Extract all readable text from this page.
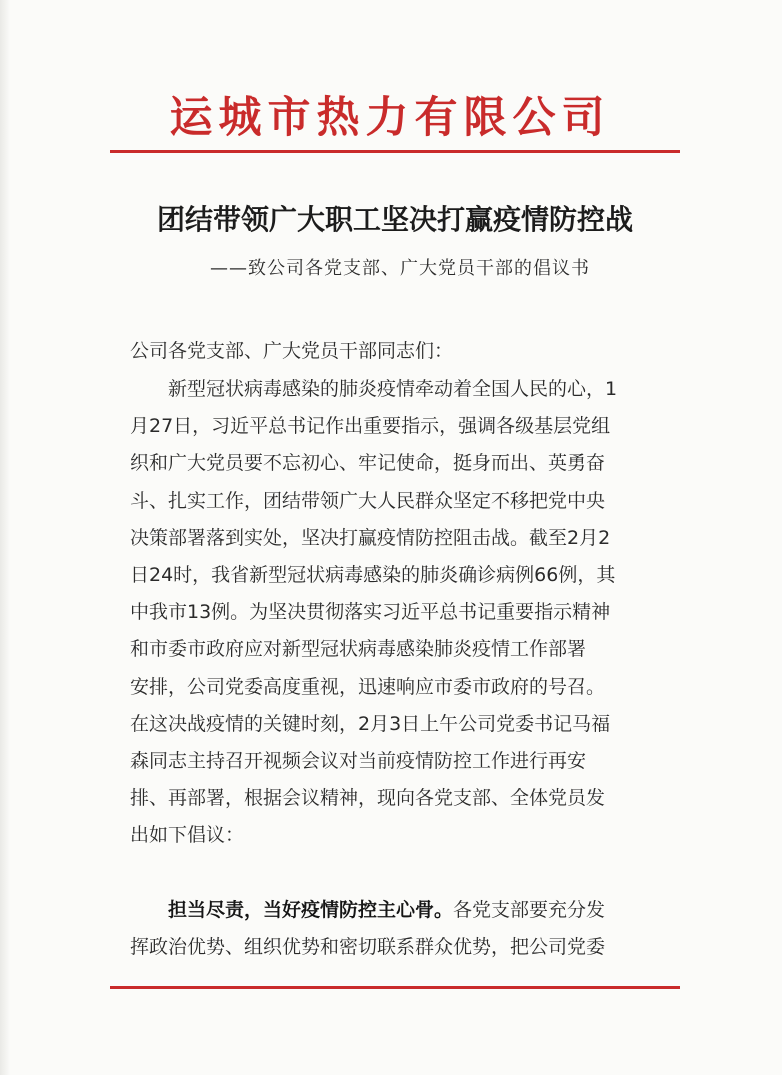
运城市热力有限公司
团结带领广大职工坚决打赢疫情防控战
——致公司各党支部、广大党员干部的倡议书
公司各党支部、广大党员干部同志们：
新型冠状病毒感染的肺炎疫情牵动着全国人民的心，1
月27日，习近平总书记作出重要指示，强调各级基层党组
织和广大党员要不忘初心、牢记使命，挺身而出、英勇奋
斗、扎实工作，团结带领广大人民群众坚定不移把党中央
决策部署落到实处，坚决打赢疫情防控阻击战。截至2月2
日24时，我省新型冠状病毒感染的肺炎确诊病例66例，其
中我市13例。为坚决贯彻落实习近平总书记重要指示精神
和市委市政府应对新型冠状病毒感染肺炎疫情工作部署
安排，公司党委高度重视，迅速响应市委市政府的号召。
在这决战疫情的关键时刻，2月3日上午公司党委书记马福
森同志主持召开视频会议对当前疫情防控工作进行再安
排、再部署，根据会议精神，现向各党支部、全体党员发
出如下倡议：
担当尽责，当好疫情防控主心骨。各党支部要充分发
挥政治优势、组织优势和密切联系群众优势，把公司党委
